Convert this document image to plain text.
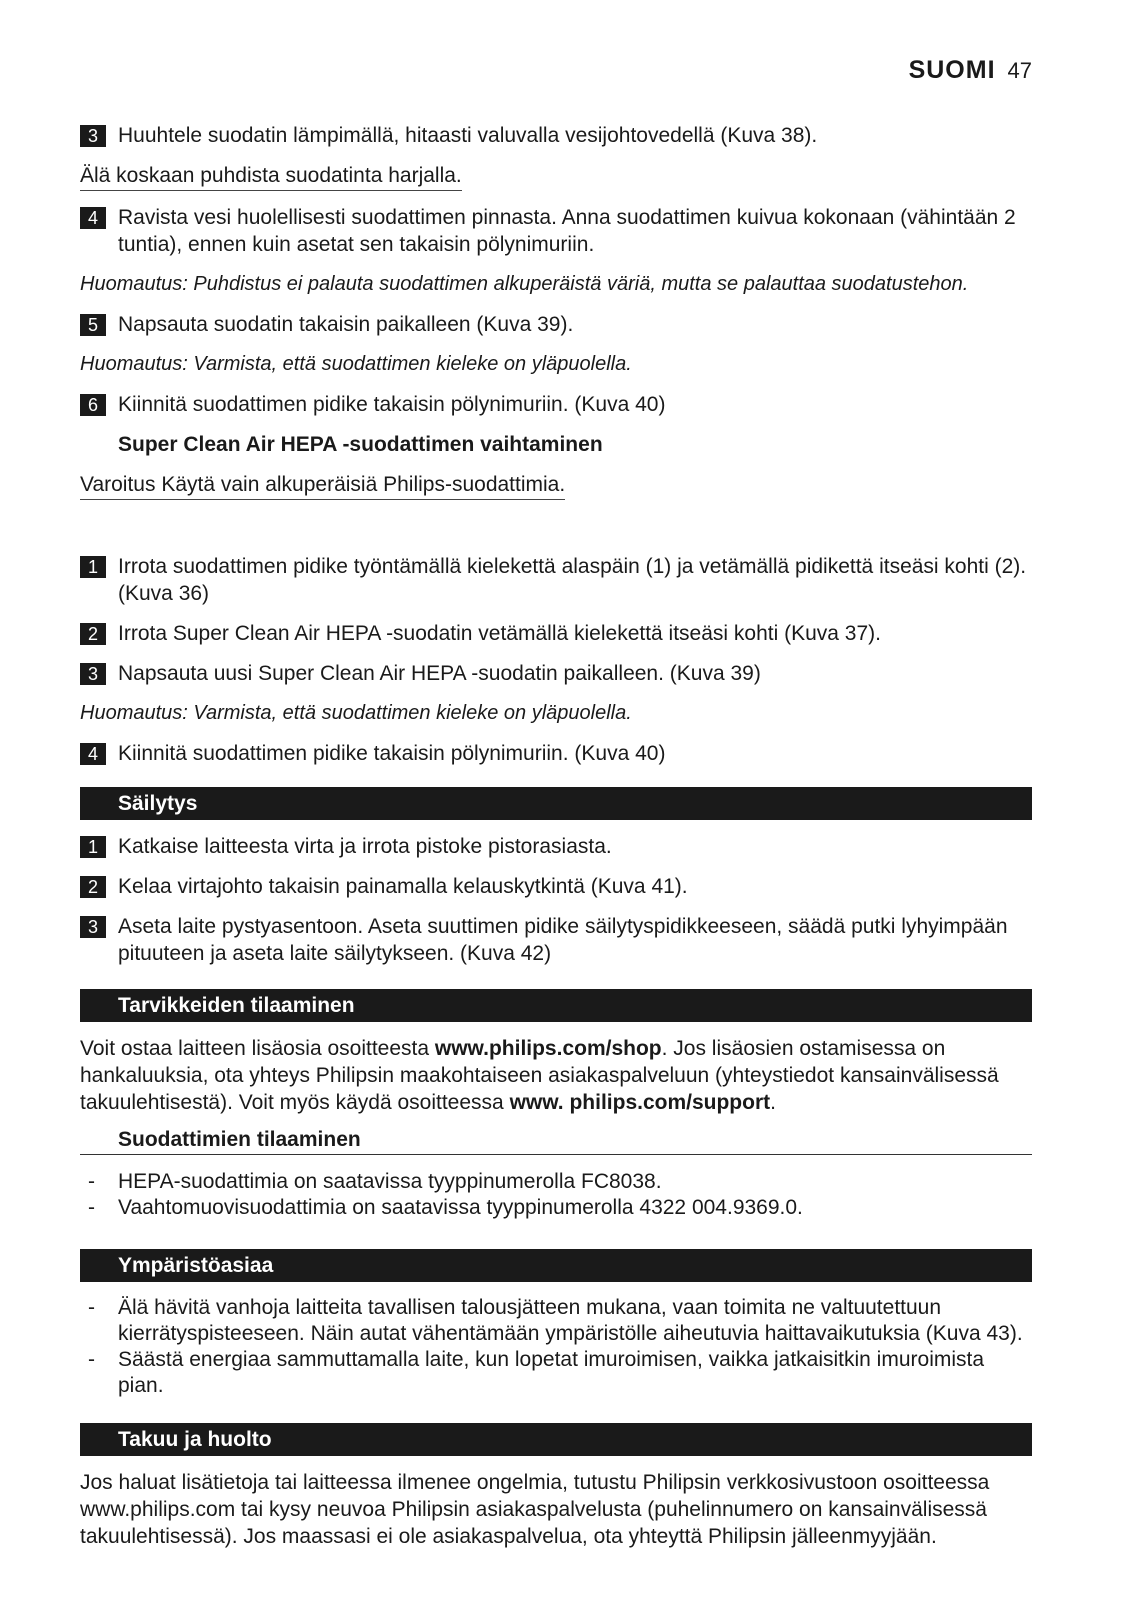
SUOMI 47
3 Huuhtele suodatin lämpimällä, hitaasti valuvalla vesijohtovedellä (Kuva 38).
Älä koskaan puhdista suodatinta harjalla.
4 Ravista vesi huolellisesti suodattimen pinnasta. Anna suodattimen kuivua kokonaan (vähintään 2 tuntia), ennen kuin asetat sen takaisin pölynimuriin.
Huomautus: Puhdistus ei palauta suodattimen alkuperäistä väriä, mutta se palauttaa suodatustehon.
5 Napsauta suodatin takaisin paikalleen (Kuva 39).
Huomautus: Varmista, että suodattimen kieleke on yläpuolella.
6 Kiinnitä suodattimen pidike takaisin pölynimuriin. (Kuva 40)
Super Clean Air HEPA -suodattimen vaihtaminen
Varoitus Käytä vain alkuperäisiä Philips-suodattimia.
1 Irrota suodattimen pidike työntämällä kielekettä alaspäin (1) ja vetämällä pidikettä itseäsi kohti (2). (Kuva 36)
2 Irrota Super Clean Air HEPA -suodatin vetämällä kielekettä itseäsi kohti (Kuva 37).
3 Napsauta uusi Super Clean Air HEPA -suodatin paikalleen. (Kuva 39)
Huomautus: Varmista, että suodattimen kieleke on yläpuolella.
4 Kiinnitä suodattimen pidike takaisin pölynimuriin. (Kuva 40)
Säilytys
1 Katkaise laitteesta virta ja irrota pistoke pistorasiasta.
2 Kelaa virtajohto takaisin painamalla kelauskytkintä (Kuva 41).
3 Aseta laite pystyasentoon. Aseta suuttimen pidike säilytyspidikkeeseen, säädä putki lyhyimpään pituuteen ja aseta laite säilytykseen. (Kuva 42)
Tarvikkeiden tilaaminen
Voit ostaa laitteen lisäosia osoitteesta www.philips.com/shop. Jos lisäosien ostamisessa on hankaluuksia, ota yhteys Philipsin maakohtaiseen asiakaspalveluun (yhteystiedot kansainvälisessä takuulehtisestä). Voit myös käydä osoitteessa www. philips.com/support.
Suodattimien tilaaminen
- HEPA-suodattimia on saatavissa tyyppinumerolla FC8038.
- Vaahtomuovisuodattimia on saatavissa tyyppinumerolla 4322 004.9369.0.
Ympäristöasiaa
- Älä hävitä vanhoja laitteita tavallisen talousjätteen mukana, vaan toimita ne valtuutettuun kierrätyspisteeseen. Näin autat vähentämään ympäristölle aiheutuvia haittavaikutuksia (Kuva 43).
- Säästä energiaa sammuttamalla laite, kun lopetat imuroimisen, vaikka jatkaisitkin imuroimista pian.
Takuu ja huolto
Jos haluat lisätietoja tai laitteessa ilmenee ongelmia, tutustu Philipsin verkkosivustoon osoitteessa www.philips.com tai kysy neuvoa Philipsin asiakaspalvelusta (puhelinnumero on kansainvälisessä takuulehtisessä). Jos maassasi ei ole asiakaspalvelua, ota yhteyttä Philipsin jälleenmyyjään.
